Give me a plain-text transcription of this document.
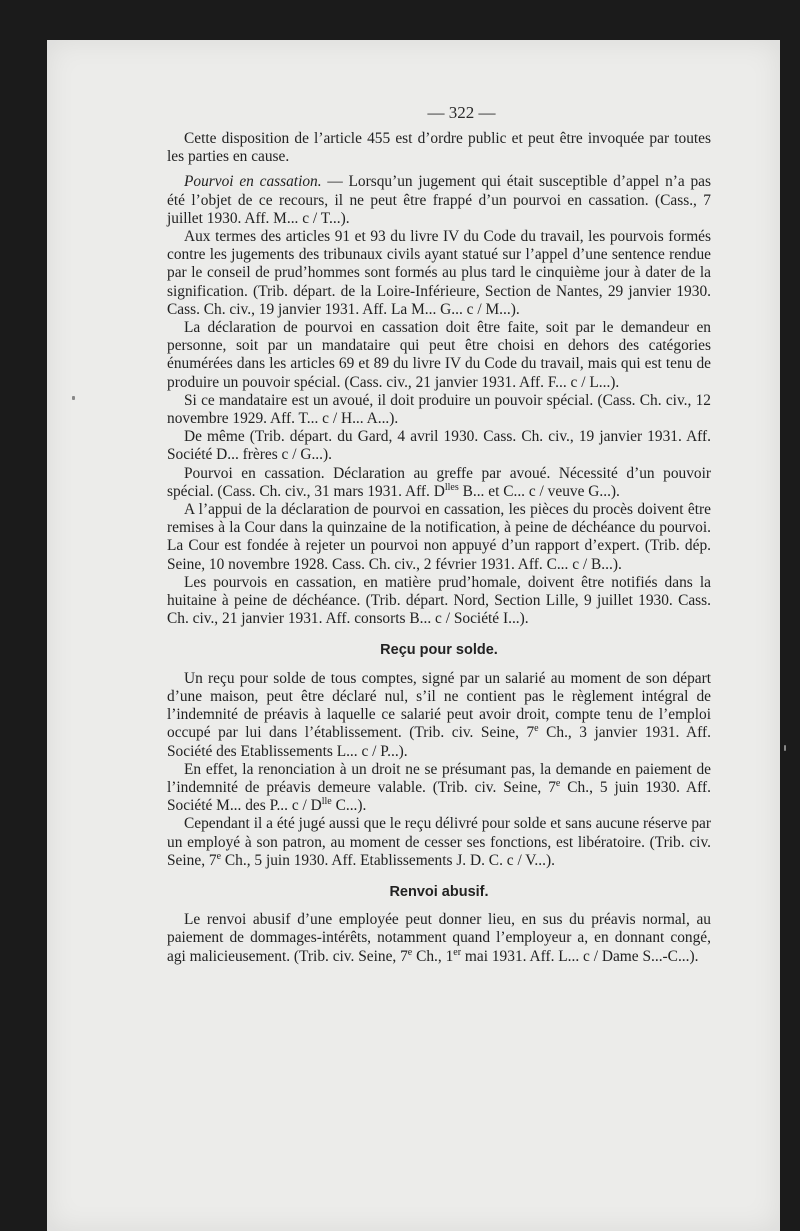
— 322 —

Cette disposition de l’article 455 est d’ordre public et peut être invoquée par toutes les parties en cause.

Pourvoi en cassation. — Lorsqu’un jugement qui était susceptible d’appel n’a pas été l’objet de ce recours, il ne peut être frappé d’un pourvoi en cassation. (Cass., 7 juillet 1930. Aff. M... c / T...).

Aux termes des articles 91 et 93 du livre IV du Code du travail, les pourvois formés contre les jugements des tribunaux civils ayant statué sur l’appel d’une sentence rendue par le conseil de prud’hommes sont formés au plus tard le cinquième jour à dater de la signification. (Trib. départ. de la Loire-Inférieure, Section de Nantes, 29 janvier 1930. Cass. Ch. civ., 19 janvier 1931. Aff. La M... G... c / M...).

La déclaration de pourvoi en cassation doit être faite, soit par le demandeur en personne, soit par un mandataire qui peut être choisi en dehors des catégories énumérées dans les articles 69 et 89 du livre IV du Code du travail, mais qui est tenu de produire un pouvoir spécial. (Cass. civ., 21 janvier 1931. Aff. F... c / L...).

Si ce mandataire est un avoué, il doit produire un pouvoir spécial. (Cass. Ch. civ., 12 novembre 1929. Aff. T... c / H... A...).

De même (Trib. départ. du Gard, 4 avril 1930. Cass. Ch. civ., 19 janvier 1931. Aff. Société D... frères c / G...).

Pourvoi en cassation. Déclaration au greffe par avoué. Nécessité d’un pouvoir spécial. (Cass. Ch. civ., 31 mars 1931. Aff. $D^{lles}$ B... et C... c / veuve G...).

A l’appui de la déclaration de pourvoi en cassation, les pièces du procès doivent être remises à la Cour dans la quinzaine de la notification, à peine de déchéance du pourvoi. La Cour est fondée à rejeter un pourvoi non appuyé d’un rapport d’expert. (Trib. dép. Seine, 10 novembre 1928. Cass. Ch. civ., 2 février 1931. Aff. C... c / B...).

Les pourvois en cassation, en matière prud’homale, doivent être notifiés dans la huitaine à peine de déchéance. (Trib. départ. Nord, Section Lille, 9 juillet 1930. Cass. Ch. civ., 21 janvier 1931. Aff. consorts B... c / Société I...).

Reçu pour solde.

Un reçu pour solde de tous comptes, signé par un salarié au moment de son départ d’une maison, peut être déclaré nul, s’il ne contient pas le règlement intégral de l’indemnité de préavis à laquelle ce salarié peut avoir droit, compte tenu de l’emploi occupé par lui dans l’établissement. (Trib. civ. Seine, 7e Ch., 3 janvier 1931. Aff. Société des Etablissements L... c / P...).

En effet, la renonciation à un droit ne se présumant pas, la demande en paiement de l’indemnité de préavis demeure valable. (Trib. civ. Seine, 7e Ch., 5 juin 1930. Aff. Société M... des P... c / $D^{lle}$ C...).

Cependant il a été jugé aussi que le reçu délivré pour solde et sans aucune réserve par un employé à son patron, au moment de cesser ses fonctions, est libératoire. (Trib. civ. Seine, 7e Ch., 5 juin 1930. Aff. Etablissements J. D. C. c / V...).

Renvoi abusif.

Le renvoi abusif d’une employée peut donner lieu, en sus du préavis normal, au paiement de dommages-intérêts, notamment quand l’employeur a, en donnant congé, agi malicieusement. (Trib. civ. Seine, 7e Ch., 1er mai 1931. Aff. L... c / Dame S...-C...).
